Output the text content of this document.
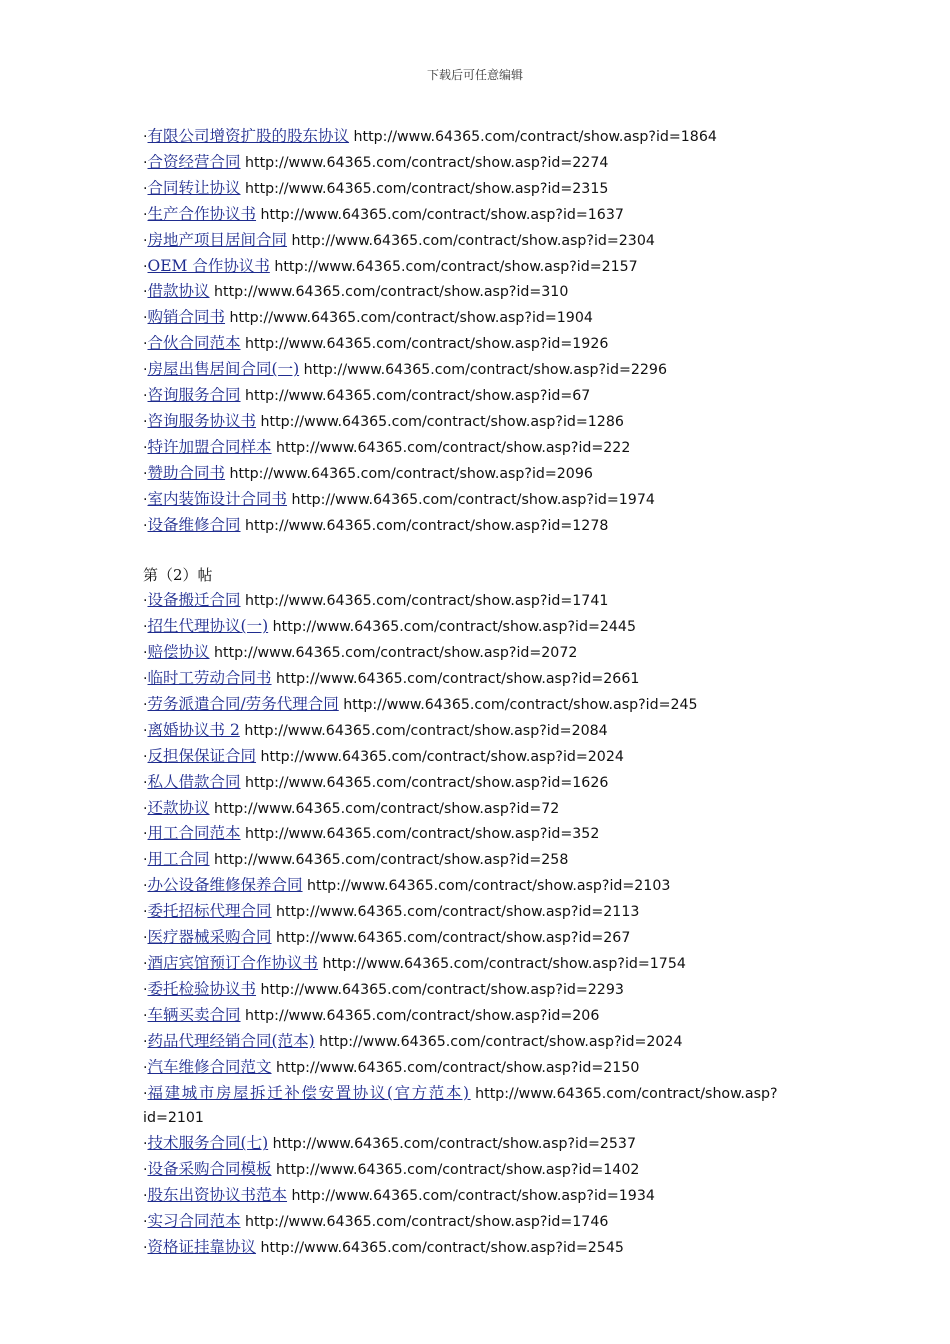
下载后可任意编辑
·有限公司增资扩股的股东协议 http://www.64365.com/contract/show.asp?id=1864
·合资经营合同 http://www.64365.com/contract/show.asp?id=2274
·合同转让协议 http://www.64365.com/contract/show.asp?id=2315
·生产合作协议书 http://www.64365.com/contract/show.asp?id=1637
·房地产项目居间合同 http://www.64365.com/contract/show.asp?id=2304
·OEM 合作协议书 http://www.64365.com/contract/show.asp?id=2157
·借款协议 http://www.64365.com/contract/show.asp?id=310
·购销合同书 http://www.64365.com/contract/show.asp?id=1904
·合伙合同范本 http://www.64365.com/contract/show.asp?id=1926
·房屋出售居间合同(一) http://www.64365.com/contract/show.asp?id=2296
·咨询服务合同 http://www.64365.com/contract/show.asp?id=67
·咨询服务协议书 http://www.64365.com/contract/show.asp?id=1286
·特许加盟合同样本 http://www.64365.com/contract/show.asp?id=222
·赞助合同书 http://www.64365.com/contract/show.asp?id=2096
·室内装饰设计合同书 http://www.64365.com/contract/show.asp?id=1974
·设备维修合同 http://www.64365.com/contract/show.asp?id=1278
第（2）帖
·设备搬迁合同 http://www.64365.com/contract/show.asp?id=1741
·招生代理协议(一) http://www.64365.com/contract/show.asp?id=2445
·赔偿协议 http://www.64365.com/contract/show.asp?id=2072
·临时工劳动合同书 http://www.64365.com/contract/show.asp?id=2661
·劳务派遣合同/劳务代理合同 http://www.64365.com/contract/show.asp?id=245
·离婚协议书 2 http://www.64365.com/contract/show.asp?id=2084
·反担保保证合同 http://www.64365.com/contract/show.asp?id=2024
·私人借款合同 http://www.64365.com/contract/show.asp?id=1626
·还款协议 http://www.64365.com/contract/show.asp?id=72
·用工合同范本 http://www.64365.com/contract/show.asp?id=352
·用工合同 http://www.64365.com/contract/show.asp?id=258
·办公设备维修保养合同 http://www.64365.com/contract/show.asp?id=2103
·委托招标代理合同 http://www.64365.com/contract/show.asp?id=2113
·医疗器械采购合同 http://www.64365.com/contract/show.asp?id=267
·酒店宾馆预订合作协议书 http://www.64365.com/contract/show.asp?id=1754
·委托检验协议书 http://www.64365.com/contract/show.asp?id=2293
·车辆买卖合同 http://www.64365.com/contract/show.asp?id=206
·药品代理经销合同(范本) http://www.64365.com/contract/show.asp?id=2024
·汽车维修合同范文 http://www.64365.com/contract/show.asp?id=2150
·福建城市房屋拆迁补偿安置协议(官方范本) http://www.64365.com/contract/show.asp?id=2101
·技术服务合同(七) http://www.64365.com/contract/show.asp?id=2537
·设备采购合同模板 http://www.64365.com/contract/show.asp?id=1402
·股东出资协议书范本 http://www.64365.com/contract/show.asp?id=1934
·实习合同范本 http://www.64365.com/contract/show.asp?id=1746
·资格证挂靠协议 http://www.64365.com/contract/show.asp?id=2545
